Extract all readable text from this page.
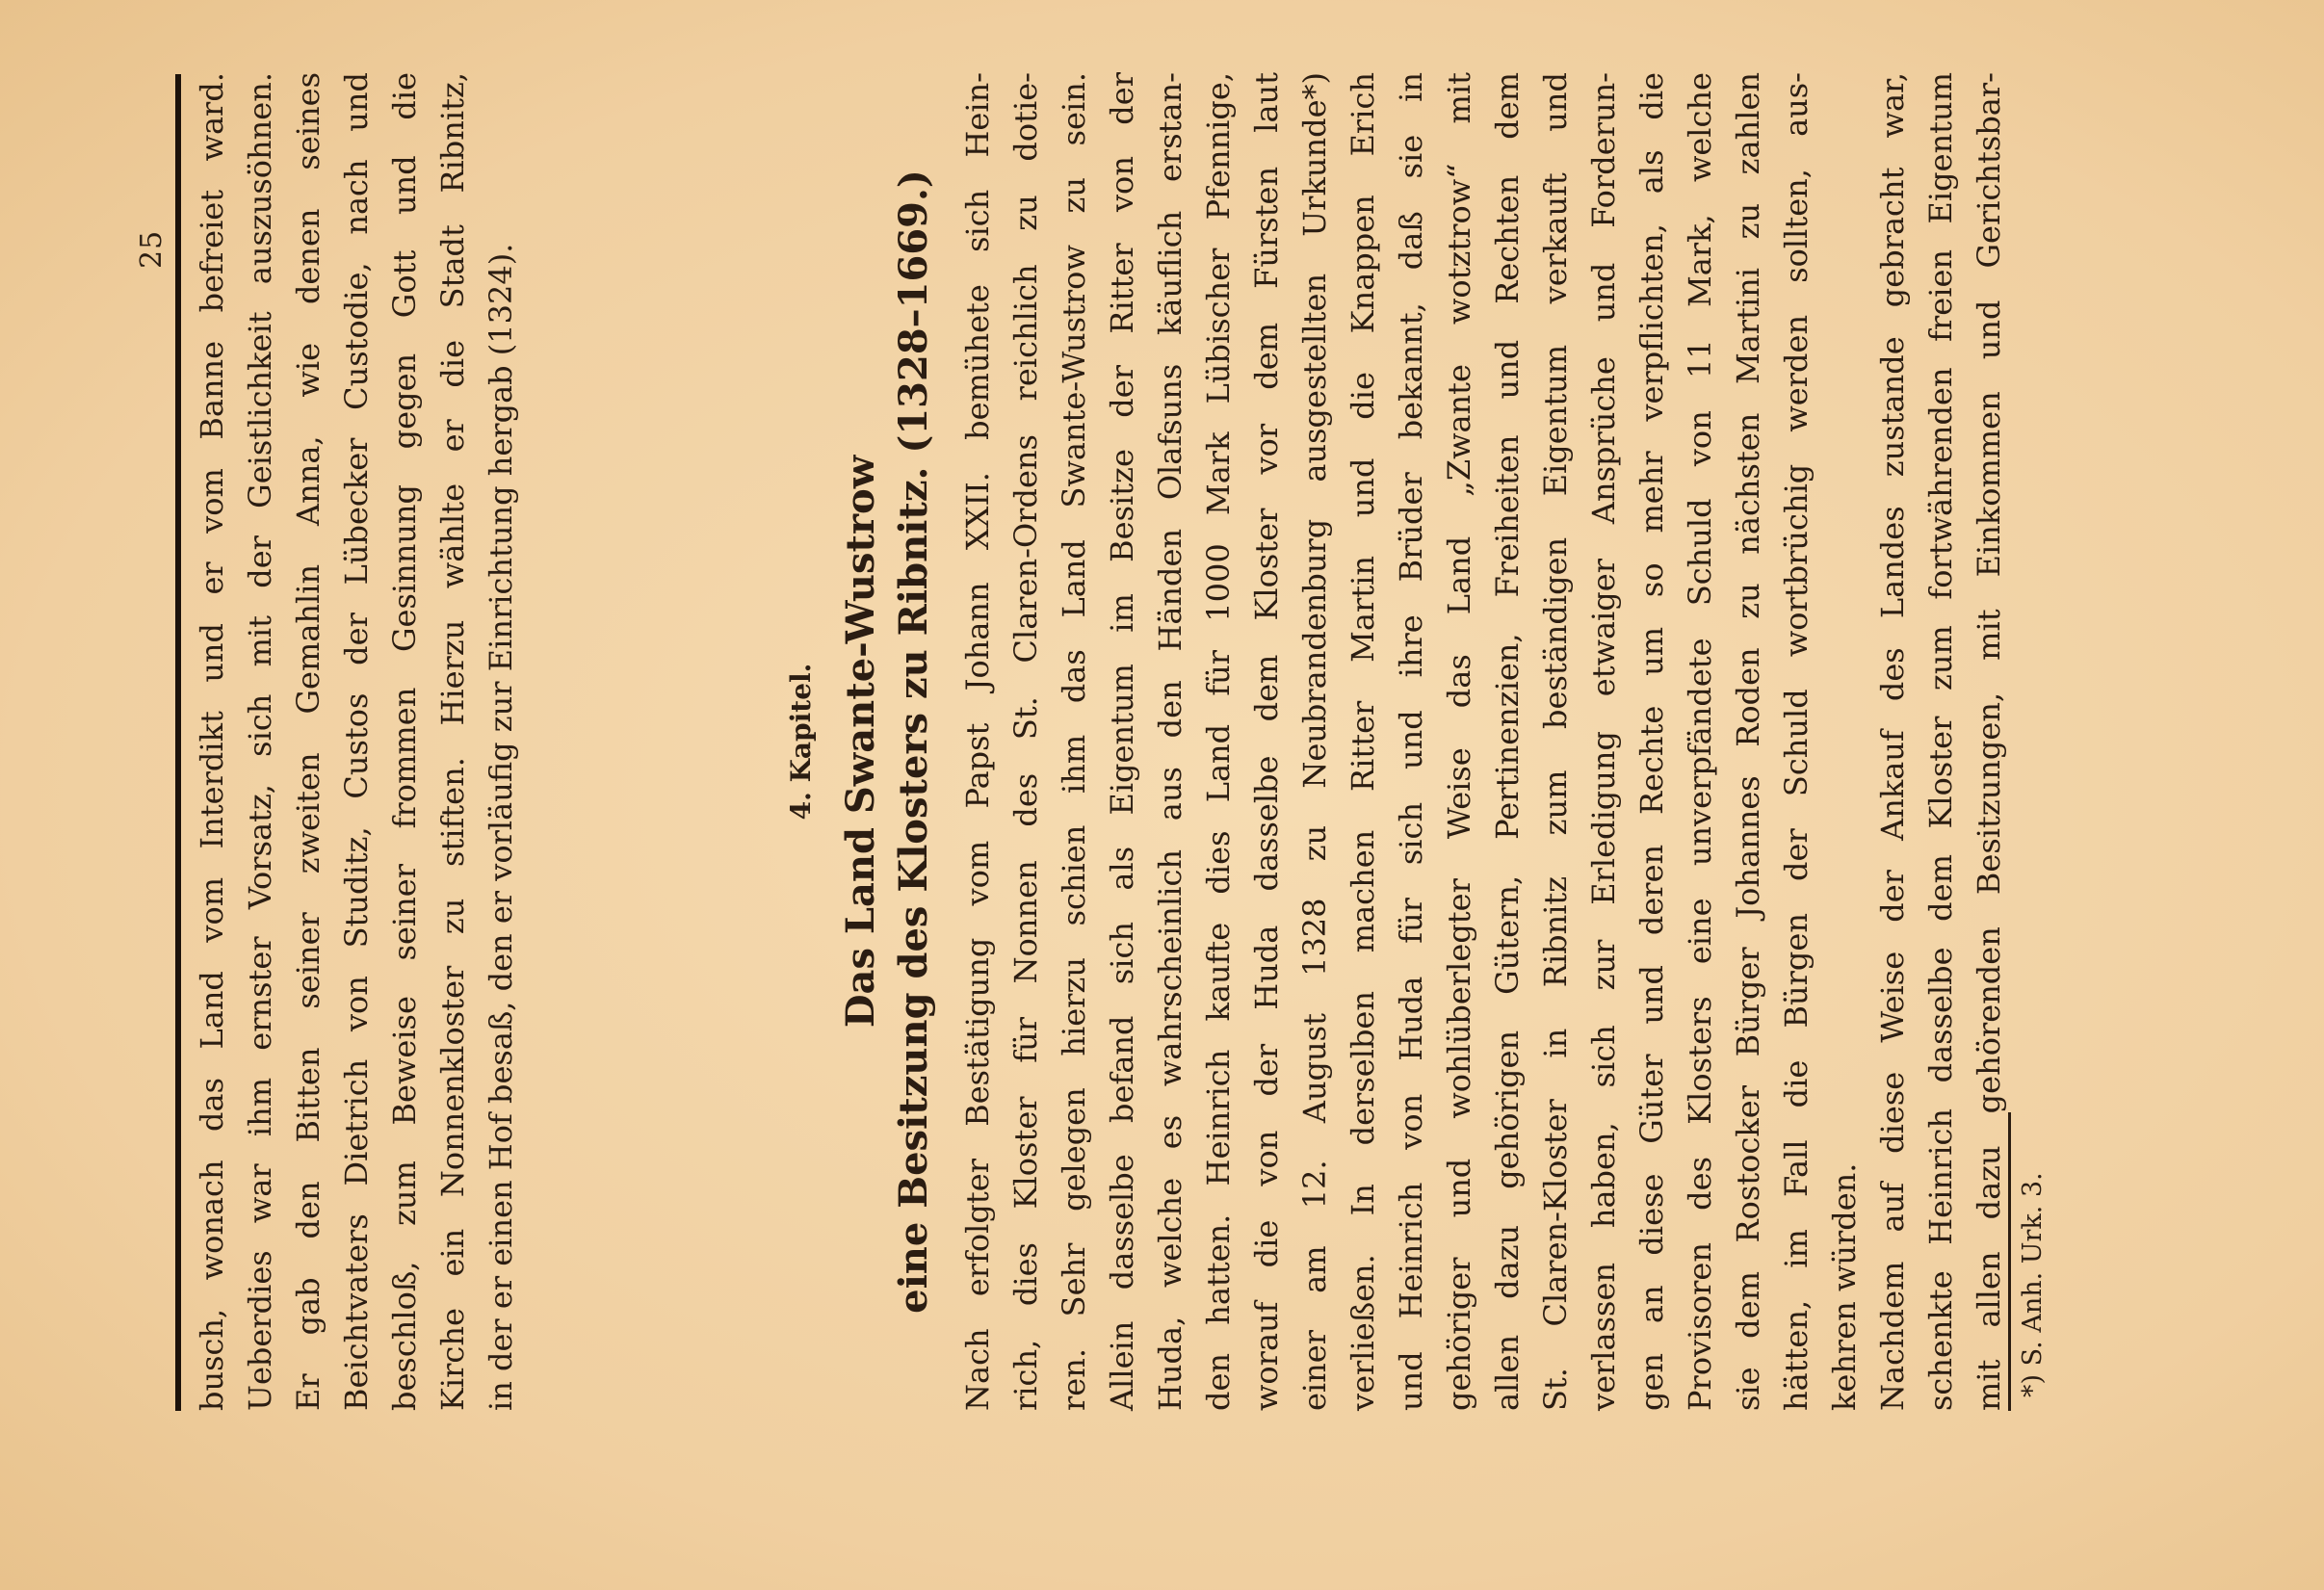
25 busch, wonach das Land vom Interdikt und er vom Banne befreiet ward. Ueberdies war ihm ernster Vorsatz, sich mit der Geistlichkeit auszusöhnen. Er gab den Bitten seiner zweiten Gemahlin Anna, wie denen seines Beichtvaters Dietrich von Studitz, Custos der Lübecker Custodie, nach und beschloß, zum Beweise seiner frommen Gesinnung gegen Gott und die Kirche ein Nonnenkloster zu stiften. Hierzu wählte er die Stadt Ribnitz, in der er einen Hof besaß, den er vorläufig zur Einrichtung hergab (1324).	4. Kapitel. Das Land Swante-Wustrow eine Besitzung des Klosters zu Ribnitz. (1328–1669.) Nach erfolgter Bestätigung vom Papst Johann XXII. bemühete sich Hein- rich, dies Kloster für Nonnen des St. Claren-Ordens reichlich zu dotie- ren. Sehr gelegen hierzu schien ihm das Land Swante-Wustrow zu sein. Allein dasselbe befand sich als Eigentum im Besitze der Ritter von der Huda, welche es wahrscheinlich aus den Händen Olafsuns käuflich erstan- den hatten. Heinrich kaufte dies Land für 1000 Mark Lübischer Pfennige, worauf die von der Huda dasselbe dem Kloster vor dem Fürsten laut einer am 12. August 1328 zu Neubrandenburg ausgestellten Urkunde*) verließen. In derselben machen Ritter Martin und die Knappen Erich und Heinrich von Huda für sich und ihre Brüder bekannt, daß sie in gehöriger und wohlüberlegter Weise das Land „Zwante wotztrow“ mit allen dazu gehörigen Gütern, Pertinenzien, Freiheiten und Rechten dem St. Claren-Kloster in Ribnitz zum beständigen Eigentum verkauft und verlassen haben, sich zur Erledigung etwaiger Ansprüche und Forderun- gen an diese Güter und deren Rechte um so mehr verpflichten, als die Provisoren des Klosters eine unverpfändete Schuld von 11 Mark, welche sie dem Rostocker Bürger Johannes Roden zu nächsten Martini zu zahlen hätten, im Fall die Bürgen der Schuld wortbrüchig werden sollten, aus- kehren würden. Nachdem auf diese Weise der Ankauf des Landes zustande gebracht war, schenkte Heinrich dasselbe dem Kloster zum fortwährenden freien Eigentum mit allen dazu gehörenden Besitzungen, mit Einkommen und Gerichtsbar- *) S. Anh. Urk. 3.
